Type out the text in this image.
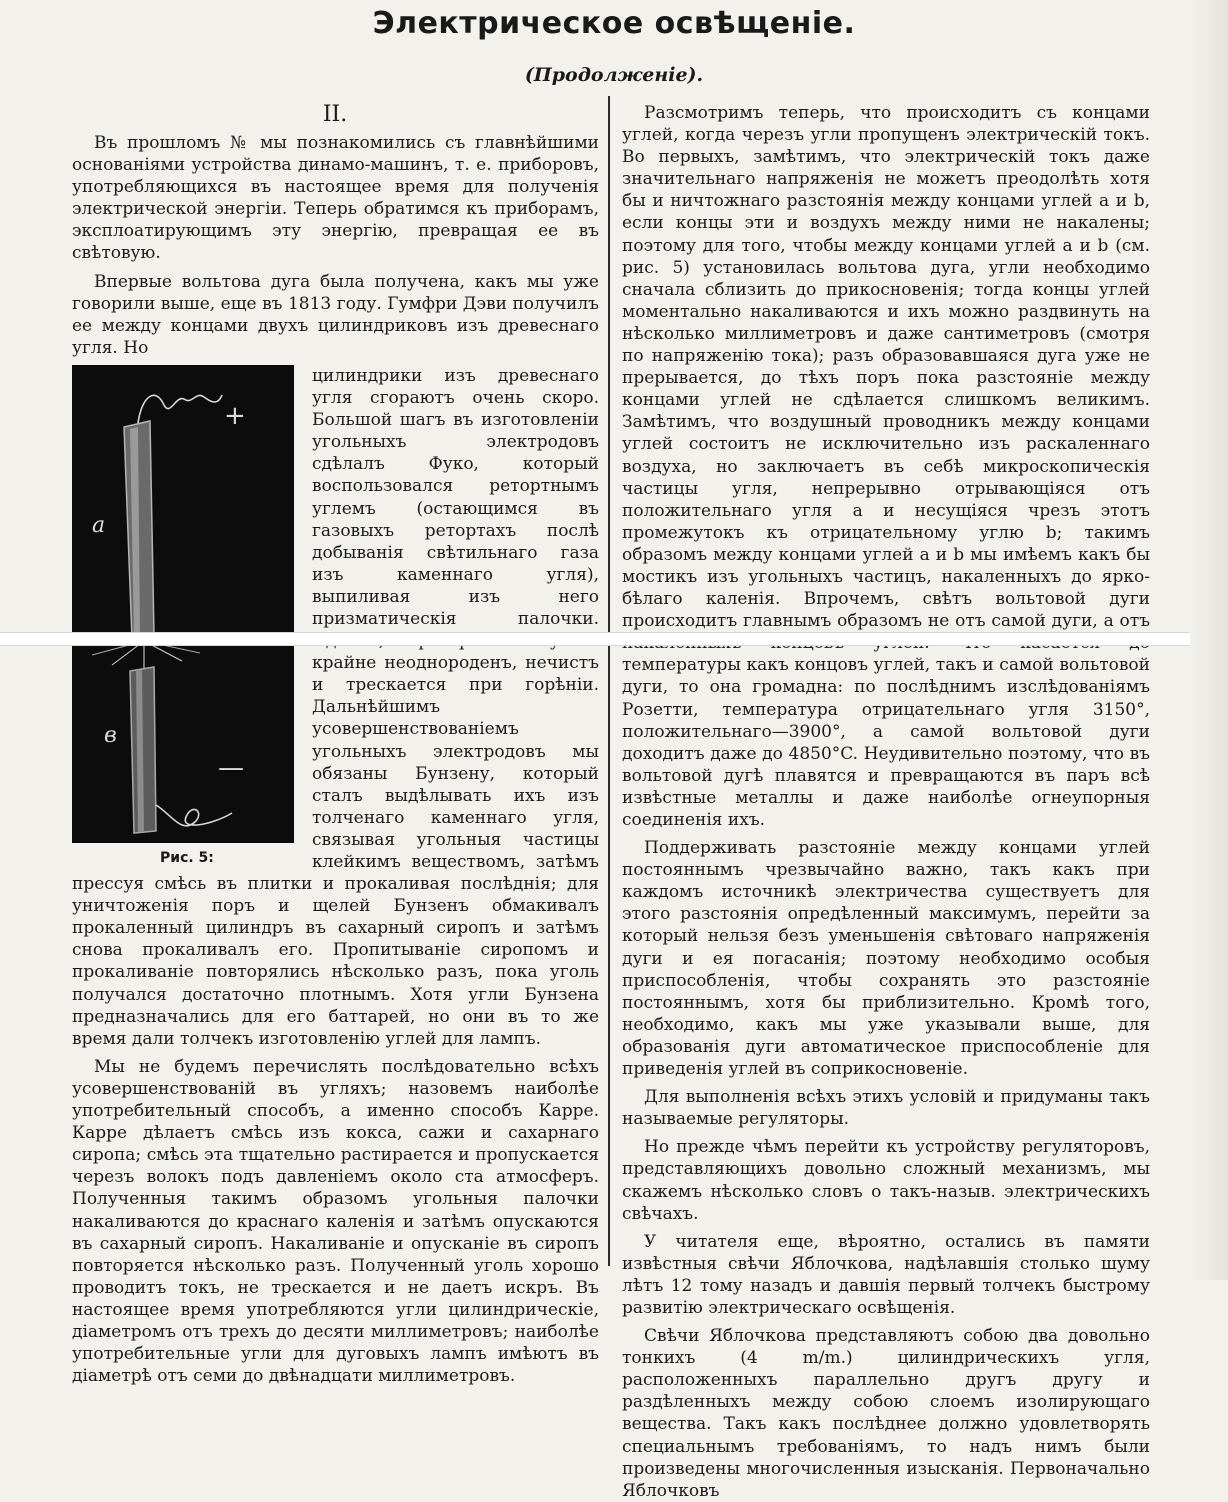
Электрическое освѣщеніе.
(Продолженіе).
II.

Въ прошломъ № мы познакомились съ главнѣйшими основаніями устройства динамо-машинъ, т. е. приборовъ, употребляющихся въ настоящее время для полученія электрической энергіи. Теперь обратимся къ приборамъ, эксплоатирующимъ эту энергію, превращая ее въ свѣтовую.

Впервые вольтова дуга была получена, какъ мы уже говорили выше, еще въ 1813 году. Гумфри Дэви получилъ ее между концами двухъ цилиндриковъ изъ древеснаго угля. Но

a
в
+
—
Рис. 5:

цилиндрики изъ древеснаго угля сгораютъ очень скоро. Большой шагъ въ изготовленіи угольныхъ электродовъ сдѣлалъ Фуко, который воспользовался ретортнымъ углемъ (остающимся въ газовыхъ ретортахъ послѣ добыванія свѣтильнаго газа изъ каменнаго угля), выпиливая изъ него призматическія палочки. крайне неоднороденъ, нечистъ и трескается при горѣніи. Дальнѣйшимъ усовершенствованіемъ угольныхъ электродовъ мы обязаны Бунзену, который сталъ выдѣлывать ихъ изъ толченаго каменнаго угля, связывая угольныя частицы клейкимъ веществомъ, затѣмъ прессуя смѣсь въ плитки и прокаливая послѣднія; для уничтоженія поръ и щелей Бунзенъ обмакивалъ прокаленный цилиндръ въ сахарный сиропъ и затѣмъ снова прокаливалъ его. Пропитываніе сиропомъ и прокаливаніе повторялись нѣсколько разъ, пока уголь получался достаточно плотнымъ. Хотя угли Бунзена предназначались для его баттарей, но они въ то же время дали толчекъ изготовленію углей для лампъ.

Мы не будемъ перечислять послѣдовательно всѣхъ усовершенствованій въ угляхъ; назовемъ наиболѣе употребительный способъ, а именно способъ Карре. Карре дѣлаетъ смѣсь изъ кокса, сажи и сахарнаго сиропа; смѣсь эта тщательно растирается и пропускается черезъ волокъ подъ давленіемъ около ста атмосферъ. Полученныя такимъ образомъ угольныя палочки накаливаются до краснаго каленія и затѣмъ опускаются въ сахарный сиропъ. Накаливаніе и опусканіе въ сиропъ повторяется нѣсколько разъ. Полученный уголь хорошо проводитъ токъ, не трескается и не даетъ искръ. Въ настоящее время употребляются угли цилиндрическіе, діаметромъ отъ трехъ до десяти миллиметровъ; наиболѣе употребительные угли для дуговыхъ лампъ имѣютъ въ діаметрѣ отъ семи до двѣнадцати миллиметровъ.

Разсмотримъ теперь, что происходитъ съ концами углей, когда черезъ угли пропущенъ электрическій токъ. Во первыхъ, замѣтимъ, что электрическій токъ даже значительнаго напряженія не можетъ преодолѣть хотя бы и ничтожнаго разстоянія между концами углей a и b, если концы эти и воздухъ между ними не накалены; поэтому для того, чтобы между концами углей a и b (см. рис. 5) установилась вольтова дуга, угли необходимо сначала сблизить до прикосновенія; тогда концы углей моментально накаливаются и ихъ можно раздвинуть на нѣсколько миллиметровъ и даже сантиметровъ (смотря по напряженію тока); разъ образовавшаяся дуга уже не прерывается, до тѣхъ поръ пока разстояніе между концами углей не сдѣлается слишкомъ великимъ. Замѣтимъ, что воздушный проводникъ между концами углей состоитъ не исключительно изъ раскаленнаго воздуха, но заключаетъ въ себѣ микроскопическія частицы угля, непрерывно отрывающіяся отъ положительнаго угля a и несущіяся чрезъ этотъ промежутокъ къ отрицательному углю b; такимъ образомъ между концами углей a и b мы имѣемъ какъ бы мостикъ изъ угольныхъ частицъ, накаленныхъ до ярко-бѣлаго каленія. Впрочемъ, свѣтъ вольтовой дуги происходитъ главнымъ образомъ не отъ самой дуги, а отъ температуры какъ концовъ углей, такъ и самой вольтовой дуги, то она громадна: по послѣднимъ изслѣдованіямъ Розетти, температура отрицательнаго угля 3150°, положительнаго—3900°, а самой вольтовой дуги доходитъ даже до 4850°C. Неудивительно поэтому, что въ вольтовой дугѣ плавятся и превращаются въ паръ всѣ извѣстные металлы и даже наиболѣе огнеупорныя соединенія ихъ.

Поддерживать разстояніе между концами углей постояннымъ чрезвычайно важно, такъ какъ при каждомъ источникѣ электричества существуетъ для этого разстоянія опредѣленный максимумъ, перейти за который нельзя безъ уменьшенія свѣтоваго напряженія дуги и ея погасанія; поэтому необходимо особыя приспособленія, чтобы сохранять это разстояніе постояннымъ, хотя бы приблизительно. Кромѣ того, необходимо, какъ мы уже указывали выше, для образованія дуги автоматическое приспособленіе для приведенія углей въ соприкосновеніе.

Для выполненія всѣхъ этихъ условій и придуманы такъ называемые регуляторы.

Но прежде чѣмъ перейти къ устройству регуляторовъ, представляющихъ довольно сложный механизмъ, мы скажемъ нѣсколько словъ о такъ-назыв. электрическихъ свѣчахъ.

У читателя еще, вѣроятно, остались въ памяти извѣстныя свѣчи Яблочкова, надѣлавшія столько шуму лѣтъ 12 тому назадъ и давшія первый толчекъ быстрому развитію электрическаго освѣщенія.

Свѣчи Яблочкова представляютъ собою два довольно тонкихъ (4 m/m.) цилиндрическихъ угля, расположенныхъ параллельно другъ другу и раздѣленныхъ между собою слоемъ изолирующаго вещества. Такъ какъ послѣднее должно удовлетворять специальнымъ требованіямъ, то надъ нимъ были произведены многочисленныя изысканія. Первоначально Яблочковъ
